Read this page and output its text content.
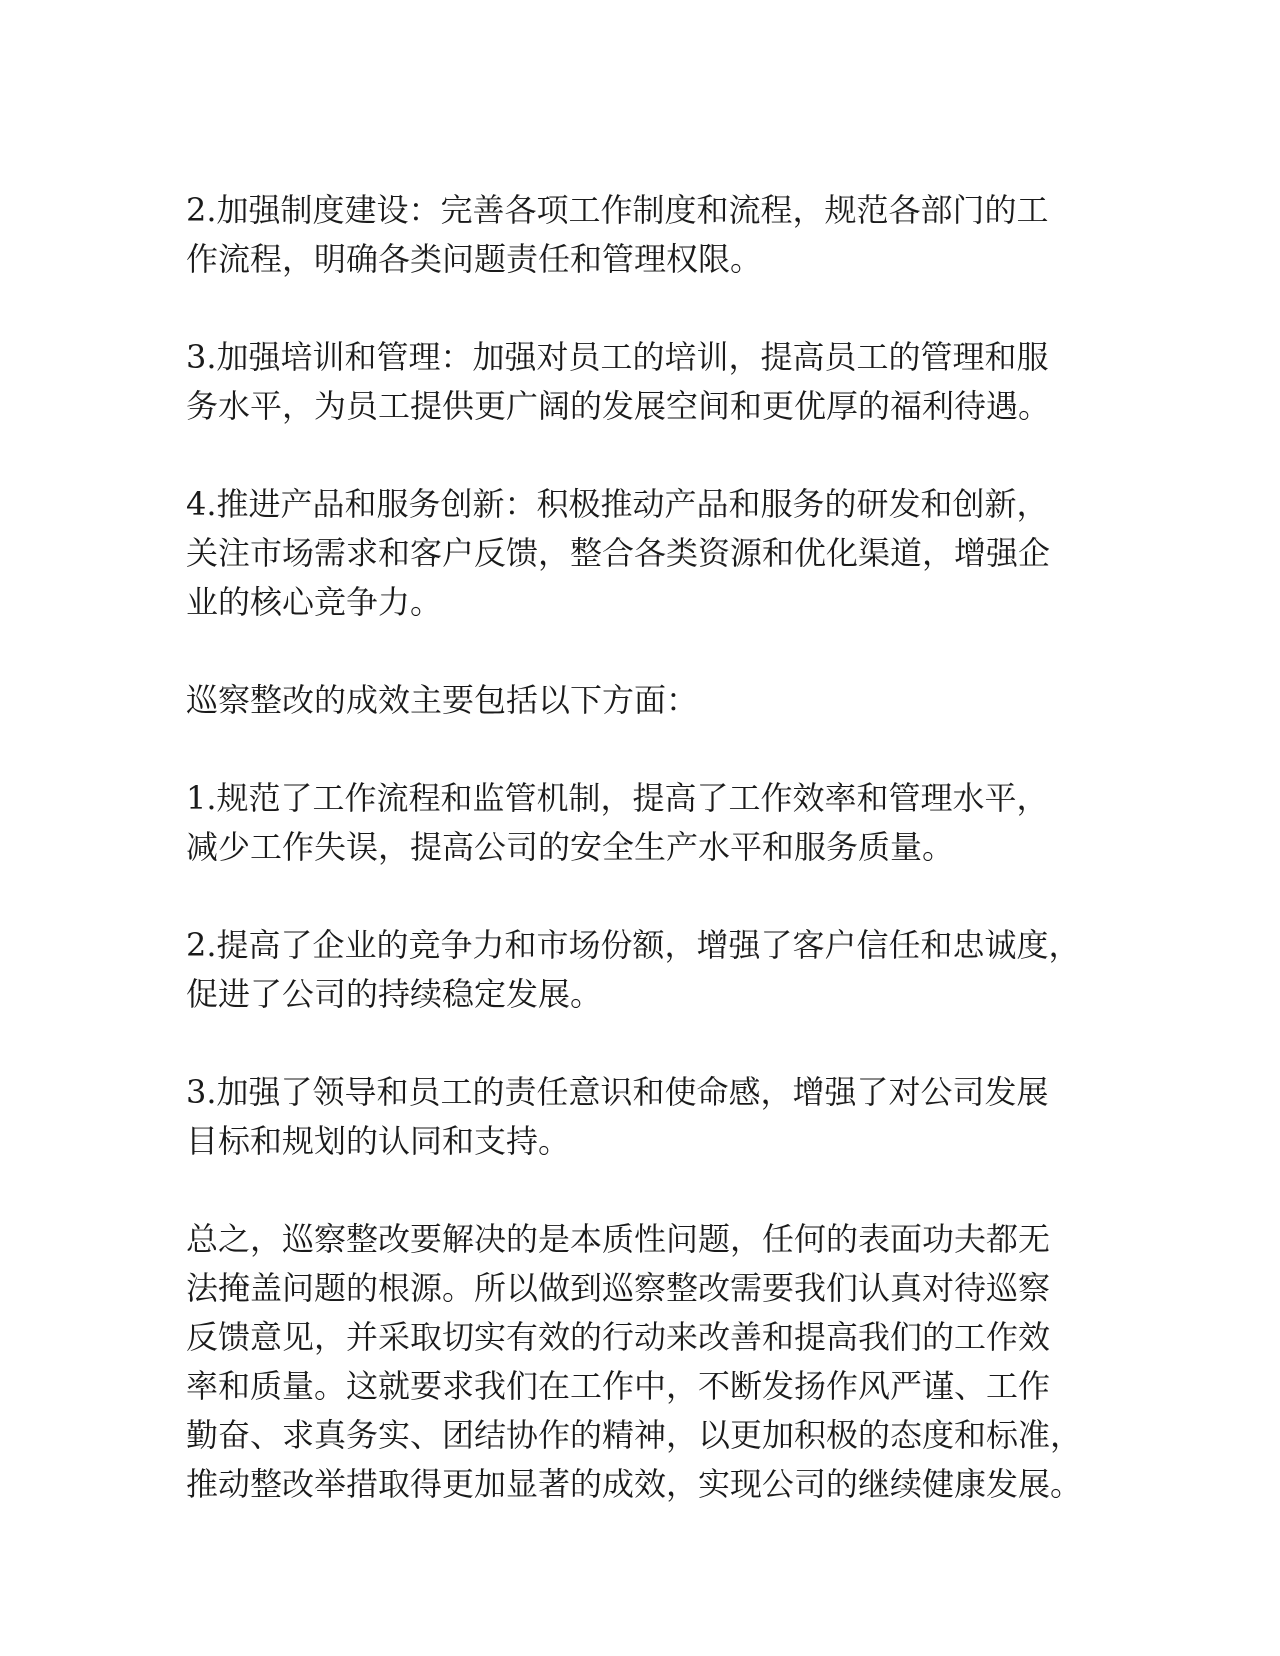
2.加强制度建设：完善各项工作制度和流程，规范各部门的工
作流程，明确各类问题责任和管理权限。

3.加强培训和管理：加强对员工的培训，提高员工的管理和服
务水平，为员工提供更广阔的发展空间和更优厚的福利待遇。

4.推进产品和服务创新：积极推动产品和服务的研发和创新，
关注市场需求和客户反馈，整合各类资源和优化渠道，增强企
业的核心竞争力。

巡察整改的成效主要包括以下方面：

1.规范了工作流程和监管机制，提高了工作效率和管理水平，
减少工作失误，提高公司的安全生产水平和服务质量。

2.提高了企业的竞争力和市场份额，增强了客户信任和忠诚度，
促进了公司的持续稳定发展。

3.加强了领导和员工的责任意识和使命感，增强了对公司发展
目标和规划的认同和支持。

总之，巡察整改要解决的是本质性问题，任何的表面功夫都无
法掩盖问题的根源。所以做到巡察整改需要我们认真对待巡察
反馈意见，并采取切实有效的行动来改善和提高我们的工作效
率和质量。这就要求我们在工作中，不断发扬作风严谨、工作
勤奋、求真务实、团结协作的精神，以更加积极的态度和标准，
推动整改举措取得更加显著的成效，实现公司的继续健康发展。
